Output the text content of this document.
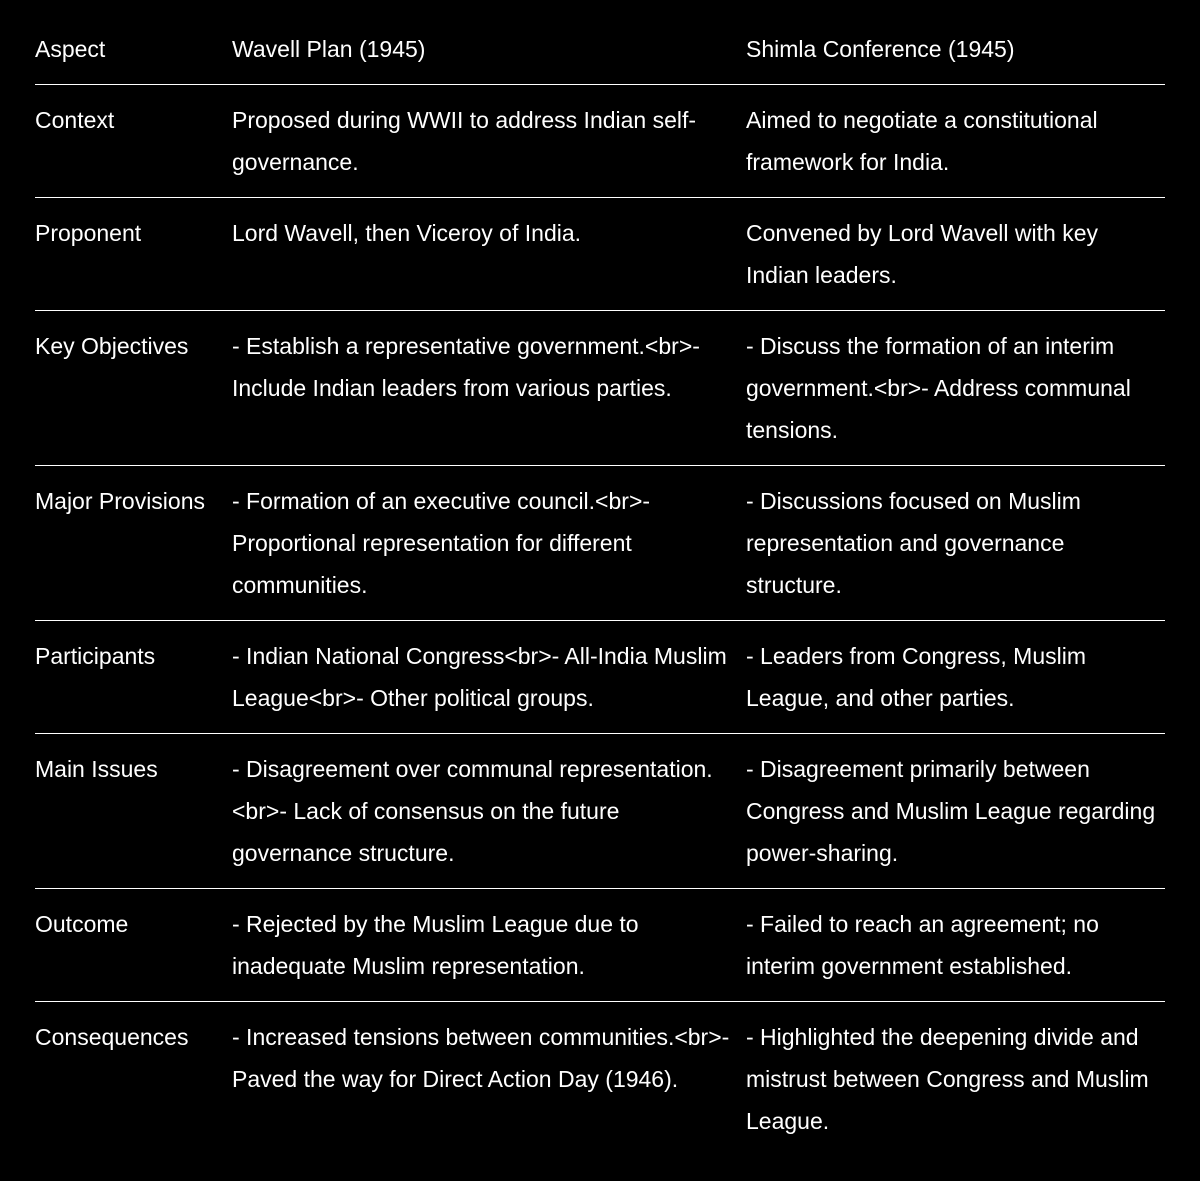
Aspect	Wavell Plan (1945)	Shimla Conference (1945)
Context	Proposed during WWII to address Indian self-governance.	Aimed to negotiate a constitutional framework for India.
Proponent	Lord Wavell, then Viceroy of India.	Convened by Lord Wavell with key Indian leaders.
Key Objectives	- Establish a representative government.<br>- Include Indian leaders from various parties.	- Discuss the formation of an interim government.<br>- Address communal tensions.
Major Provisions	- Formation of an executive council.<br>- Proportional representation for different communities.	- Discussions focused on Muslim representation and governance structure.
Participants	- Indian National Congress<br>- All-India Muslim League<br>- Other political groups.	- Leaders from Congress, Muslim League, and other parties.
Main Issues	- Disagreement over communal representation.<br>- Lack of consensus on the future governance structure.	- Disagreement primarily between Congress and Muslim League regarding power-sharing.
Outcome	- Rejected by the Muslim League due to inadequate Muslim representation.	- Failed to reach an agreement; no interim government established.
Consequences	- Increased tensions between communities.<br>- Paved the way for Direct Action Day (1946).	- Highlighted the deepening divide and mistrust between Congress and Muslim League.
